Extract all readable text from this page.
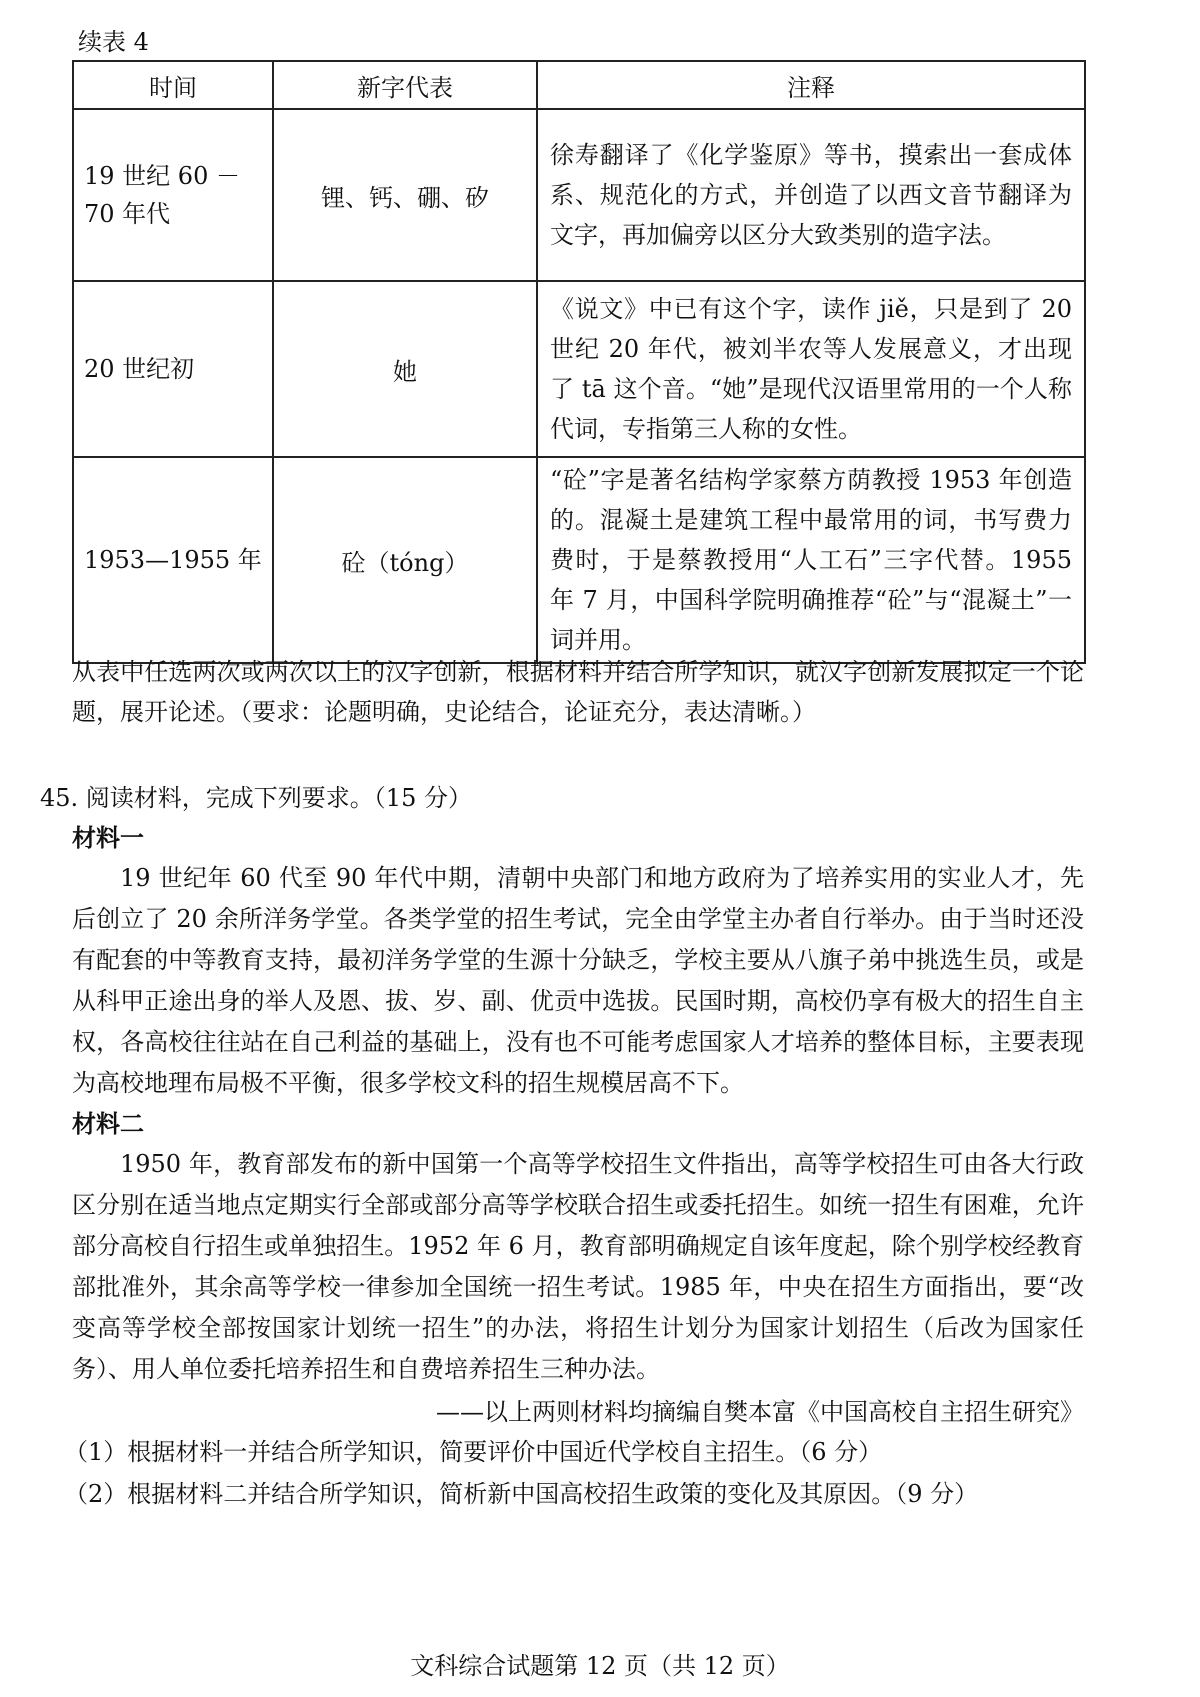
续表 4
时间	新字代表	注释
19 世纪 60 － 70 年代	锂、钙、硼、矽	徐寿翻译了《化学鉴原》等书，摸索出一套成体系、规范化的方式，并创造了以西文音节翻译为文字，再加偏旁以区分大致类别的造字法。
20 世纪初	她	《说文》中已有这个字，读作 jiě，只是到了 20 世纪 20 年代，被刘半农等人发展意义，才出现了 tā 这个音。“她”是现代汉语里常用的一个人称代词，专指第三人称的女性。
1953—1955 年	砼（tóng）	“砼”字是著名结构学家蔡方荫教授 1953 年创造的。混凝土是建筑工程中最常用的词，书写费力费时，于是蔡教授用“人工石”三字代替。1955 年 7 月，中国科学院明确推荐“砼”与“混凝土”一词并用。
从表中任选两次或两次以上的汉字创新，根据材料并结合所学知识，就汉字创新发展拟定一个论题，展开论述。（要求：论题明确，史论结合，论证充分，表达清晰。）
45. 阅读材料，完成下列要求。（15 分）
材料一
19 世纪年 60 代至 90 年代中期，清朝中央部门和地方政府为了培养实用的实业人才，先后创立了 20 余所洋务学堂。各类学堂的招生考试，完全由学堂主办者自行举办。由于当时还没有配套的中等教育支持，最初洋务学堂的生源十分缺乏，学校主要从八旗子弟中挑选生员，或是从科甲正途出身的举人及恩、拔、岁、副、优贡中选拔。民国时期，高校仍享有极大的招生自主权，各高校往往站在自己利益的基础上，没有也不可能考虑国家人才培养的整体目标，主要表现为高校地理布局极不平衡，很多学校文科的招生规模居高不下。
材料二
1950 年，教育部发布的新中国第一个高等学校招生文件指出，高等学校招生可由各大行政区分别在适当地点定期实行全部或部分高等学校联合招生或委托招生。如统一招生有困难，允许部分高校自行招生或单独招生。1952 年 6 月，教育部明确规定自该年度起，除个别学校经教育部批准外，其余高等学校一律参加全国统一招生考试。1985 年，中央在招生方面指出，要“改变高等学校全部按国家计划统一招生”的办法，将招生计划分为国家计划招生（后改为国家任务）、用人单位委托培养招生和自费培养招生三种办法。
——以上两则材料均摘编自樊本富《中国高校自主招生研究》
（1）根据材料一并结合所学知识，简要评价中国近代学校自主招生。（6 分）
（2）根据材料二并结合所学知识，简析新中国高校招生政策的变化及其原因。（9 分）
文科综合试题第 12 页（共 12 页）
